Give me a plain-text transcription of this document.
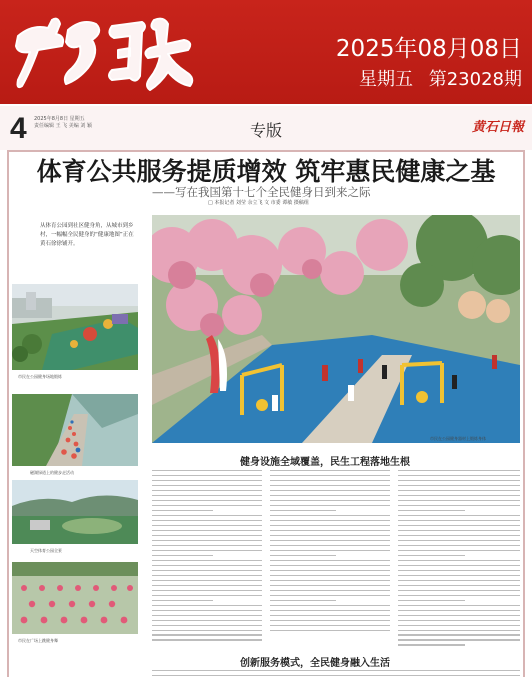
2025年08月08日
星期五 第23028期
4 2025年8月8日 星期五
责任编辑 王 飞 美编 刘 颖	专版	黄石日報
体育公共服务提质增效 筑牢惠民健康之基
——写在我国第十七个全民健身日到来之际
□ 本报记者 刘莹 余立飞 文 市委 谭敏 摄稿组

从体育公园到社区健身角，从城市到乡村，一幅幅全民健身的“健康地图”正在黄石徐徐铺开。

市民在公园健身场地锻炼
磁湖绿道上的健步走活动
天空体育公园全景
市民在广场上跳健身舞
市民在公园健身器材上锻炼身体
健身设施全域覆盖，民生工程落地生根
创新服务模式，全民健身融入生活
